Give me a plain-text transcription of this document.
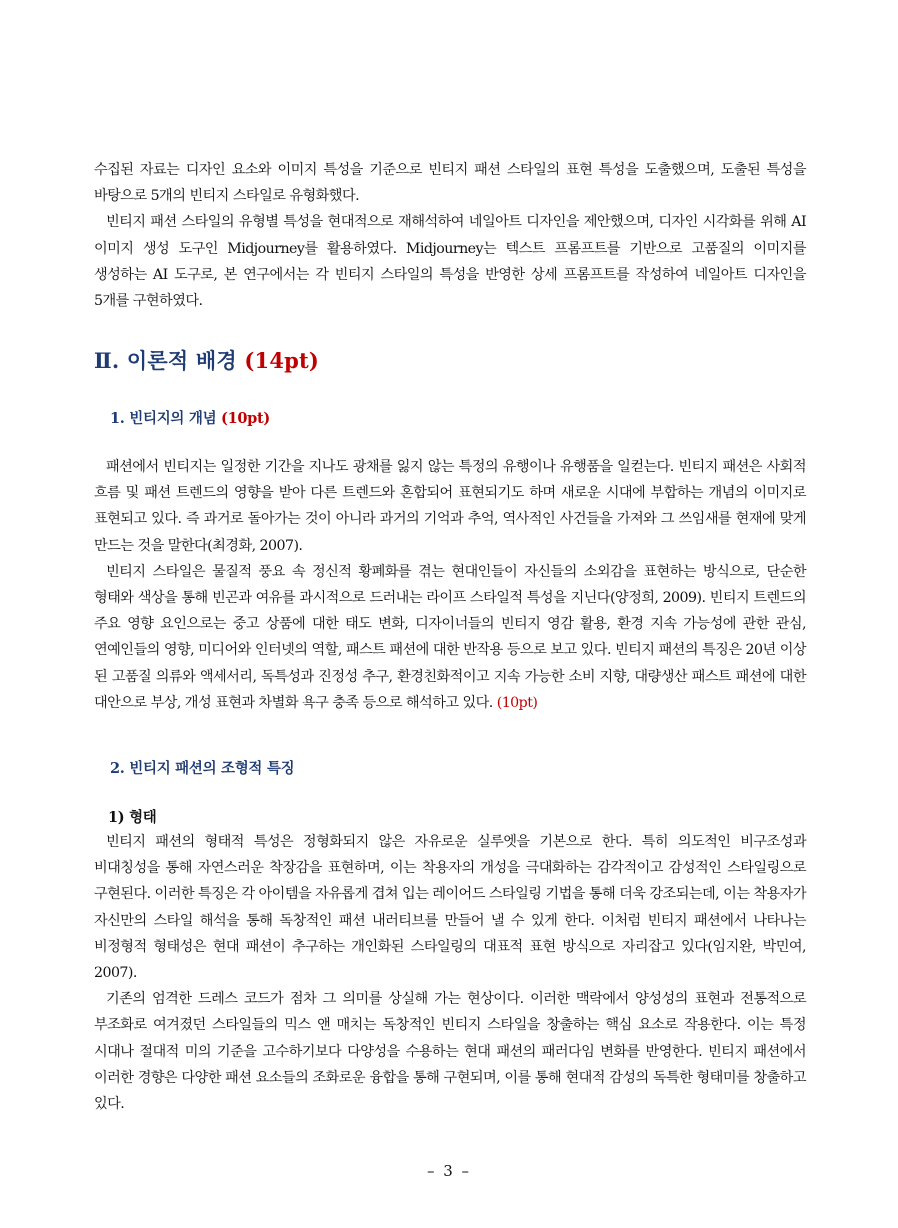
수집된 자료는 디자인 요소와 이미지 특성을 기준으로 빈티지 패션 스타일의 표현 특성을 도출했으며, 도출된 특성을 바탕으로 5개의 빈티지 스타일로 유형화했다.

빈티지 패션 스타일의 유형별 특성을 현대적으로 재해석하여 네일아트 디자인을 제안했으며, 디자인 시각화를 위해 AI 이미지 생성 도구인 Midjourney를 활용하였다. Midjourney는 텍스트 프롬프트를 기반으로 고품질의 이미지를 생성하는 AI 도구로, 본 연구에서는 각 빈티지 스타일의 특성을 반영한 상세 프롬프트를 작성하여 네일아트 디자인을 5개를 구현하였다.

Ⅱ. 이론적 배경 (14pt)
1. 빈티지의 개념 (10pt)

패션에서 빈티지는 일정한 기간을 지나도 광채를 잃지 않는 특정의 유행이나 유행품을 일컫는다. 빈티지 패션은 사회적 흐름 및 패션 트렌드의 영향을 받아 다른 트렌드와 혼합되어 표현되기도 하며 새로운 시대에 부합하는 개념의 이미지로 표현되고 있다. 즉 과거로 돌아가는 것이 아니라 과거의 기억과 추억, 역사적인 사건들을 가져와 그 쓰임새를 현재에 맞게 만드는 것을 말한다(최경화, 2007).

빈티지 스타일은 물질적 풍요 속 정신적 황폐화를 겪는 현대인들이 자신들의 소외감을 표현하는 방식으로, 단순한 형태와 색상을 통해 빈곤과 여유를 과시적으로 드러내는 라이프 스타일적 특성을 지닌다(양정희, 2009). 빈티지 트렌드의 주요 영향 요인으로는 중고 상품에 대한 태도 변화, 디자이너들의 빈티지 영감 활용, 환경 지속 가능성에 관한 관심, 연예인들의 영향, 미디어와 인터넷의 역할, 패스트 패션에 대한 반작용 등으로 보고 있다. 빈티지 패션의 특징은 20년 이상 된 고품질 의류와 액세서리, 독특성과 진정성 추구, 환경친화적이고 지속 가능한 소비 지향, 대량생산 패스트 패션에 대한 대안으로 부상, 개성 표현과 차별화 욕구 충족 등으로 해석하고 있다. (10pt)

2. 빈티지 패션의 조형적 특징
1) 형태

빈티지 패션의 형태적 특성은 정형화되지 않은 자유로운 실루엣을 기본으로 한다. 특히 의도적인 비구조성과 비대칭성을 통해 자연스러운 착장감을 표현하며, 이는 착용자의 개성을 극대화하는 감각적이고 감성적인 스타일링으로 구현된다. 이러한 특징은 각 아이템을 자유롭게 겹쳐 입는 레이어드 스타일링 기법을 통해 더욱 강조되는데, 이는 착용자가 자신만의 스타일 해석을 통해 독창적인 패션 내러티브를 만들어 낼 수 있게 한다. 이처럼 빈티지 패션에서 나타나는 비정형적 형태성은 현대 패션이 추구하는 개인화된 스타일링의 대표적 표현 방식으로 자리잡고 있다(임지완, 박민여, 2007).

기존의 엄격한 드레스 코드가 점차 그 의미를 상실해 가는 현상이다. 이러한 맥락에서 양성성의 표현과 전통적으로 부조화로 여겨졌던 스타일들의 믹스 앤 매치는 독창적인 빈티지 스타일을 창출하는 핵심 요소로 작용한다. 이는 특정 시대나 절대적 미의 기준을 고수하기보다 다양성을 수용하는 현대 패션의 패러다임 변화를 반영한다. 빈티지 패션에서 이러한 경향은 다양한 패션 요소들의 조화로운 융합을 통해 구현되며, 이를 통해 현대적 감성의 독특한 형태미를 창출하고 있다.

– 3 –
